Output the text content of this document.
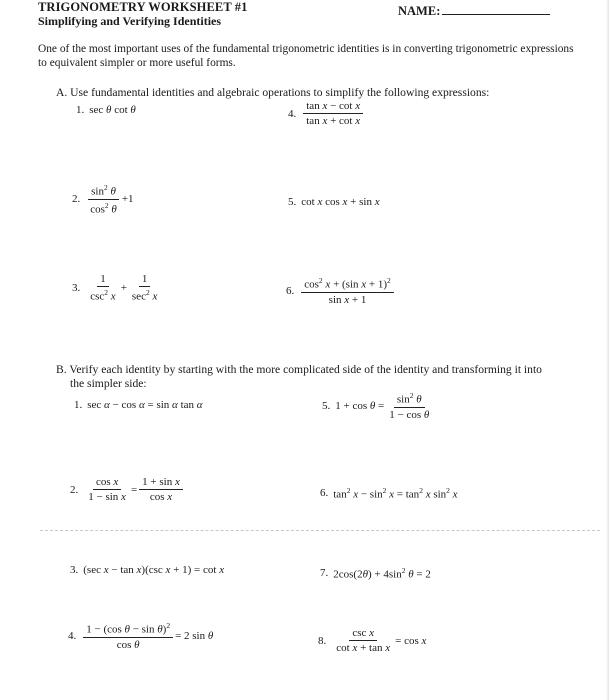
TRIGONOMETRY WORKSHEET #1
Simplifying and Verifying Identities
NAME:
One of the most important uses of the fundamental trigonometric identities is in converting trigonometric expressions to equivalent simpler or more useful forms.
A. Use fundamental identities and algebraic operations to simplify the following expressions:
1. sec θ cot θ
2. $\frac{\sin^2 \theta}{\cos^2 \theta} +1$
3. $\frac{1}{\csc^2 x} + \frac{1}{\sec^2 x}$
4. $\frac{\text{tan x − cot x}}{\text{tan x + cot x}}$
5. cot x cos x + sin x
6. $\frac{\cos^2 x + (\sin x + 1)^2}{\text{sin x + 1}}$
B. Verify each identity by starting with the more complicated side of the identity and transforming it into
the simpler side:
1. sec α − cos α = sin α tan α
2. $\frac{\text{cos x}}{\text{1 − sin x}} = \frac{\text{1 + sin x}}{\text{cos x}}$
3. (sec x − tan x)(csc x + 1) = cot x
4. $\frac{1 - (\cos \theta - \sin \theta)^2}{\text{cos θ}} = 2$ sin θ
5. $1 + \cos \theta = \frac{\sin^2 \theta}{\text{1 − cos θ}}$
6. $\tan^2 x - \sin^2 x = \tan^2 x$ $\sin^2 x$
7. $2\cos(2\theta) + 4\sin^2$ θ = 2
8. $\frac{\text{csc x}}{\text{cot x + tan x}} = \cos x$
